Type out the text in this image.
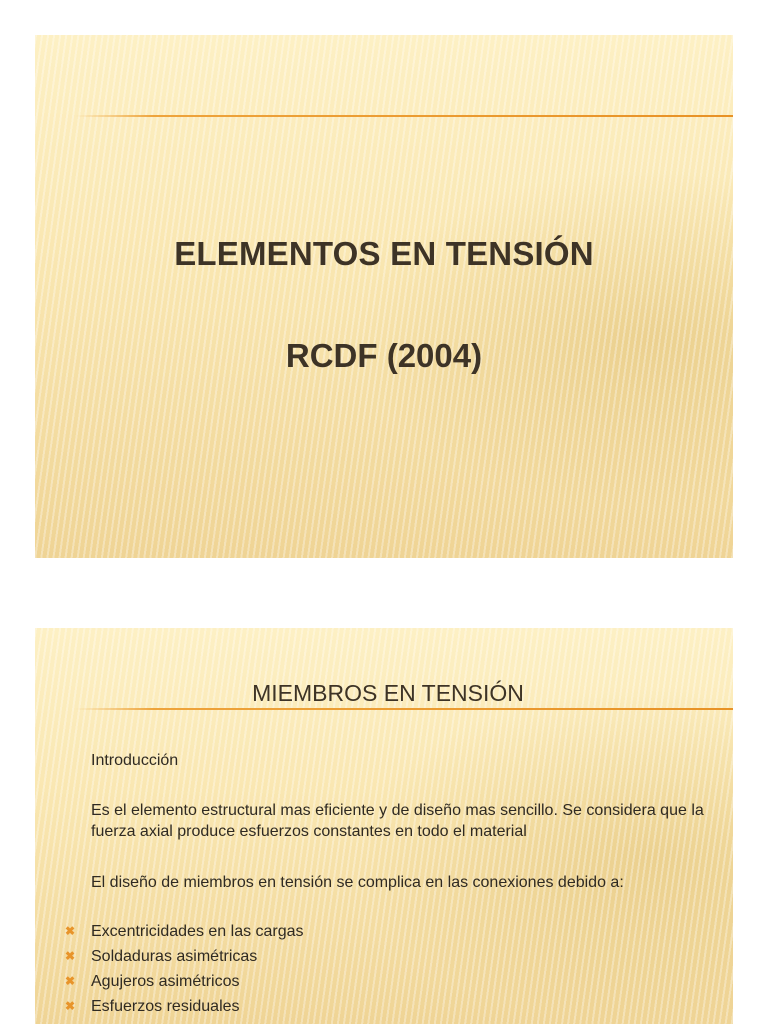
ELEMENTOS EN TENSIÓN
RCDF (2004)
MIEMBROS EN TENSIÓN
Introducción
Es el elemento estructural mas eficiente y de diseño mas sencillo. Se considera que la fuerza axial produce esfuerzos constantes en todo el material
El diseño de miembros en tensión se complica en las conexiones debido a:
✖ Excentricidades en las cargas
✖ Soldaduras asimétricas
✖ Agujeros asimétricos
✖ Esfuerzos residuales
